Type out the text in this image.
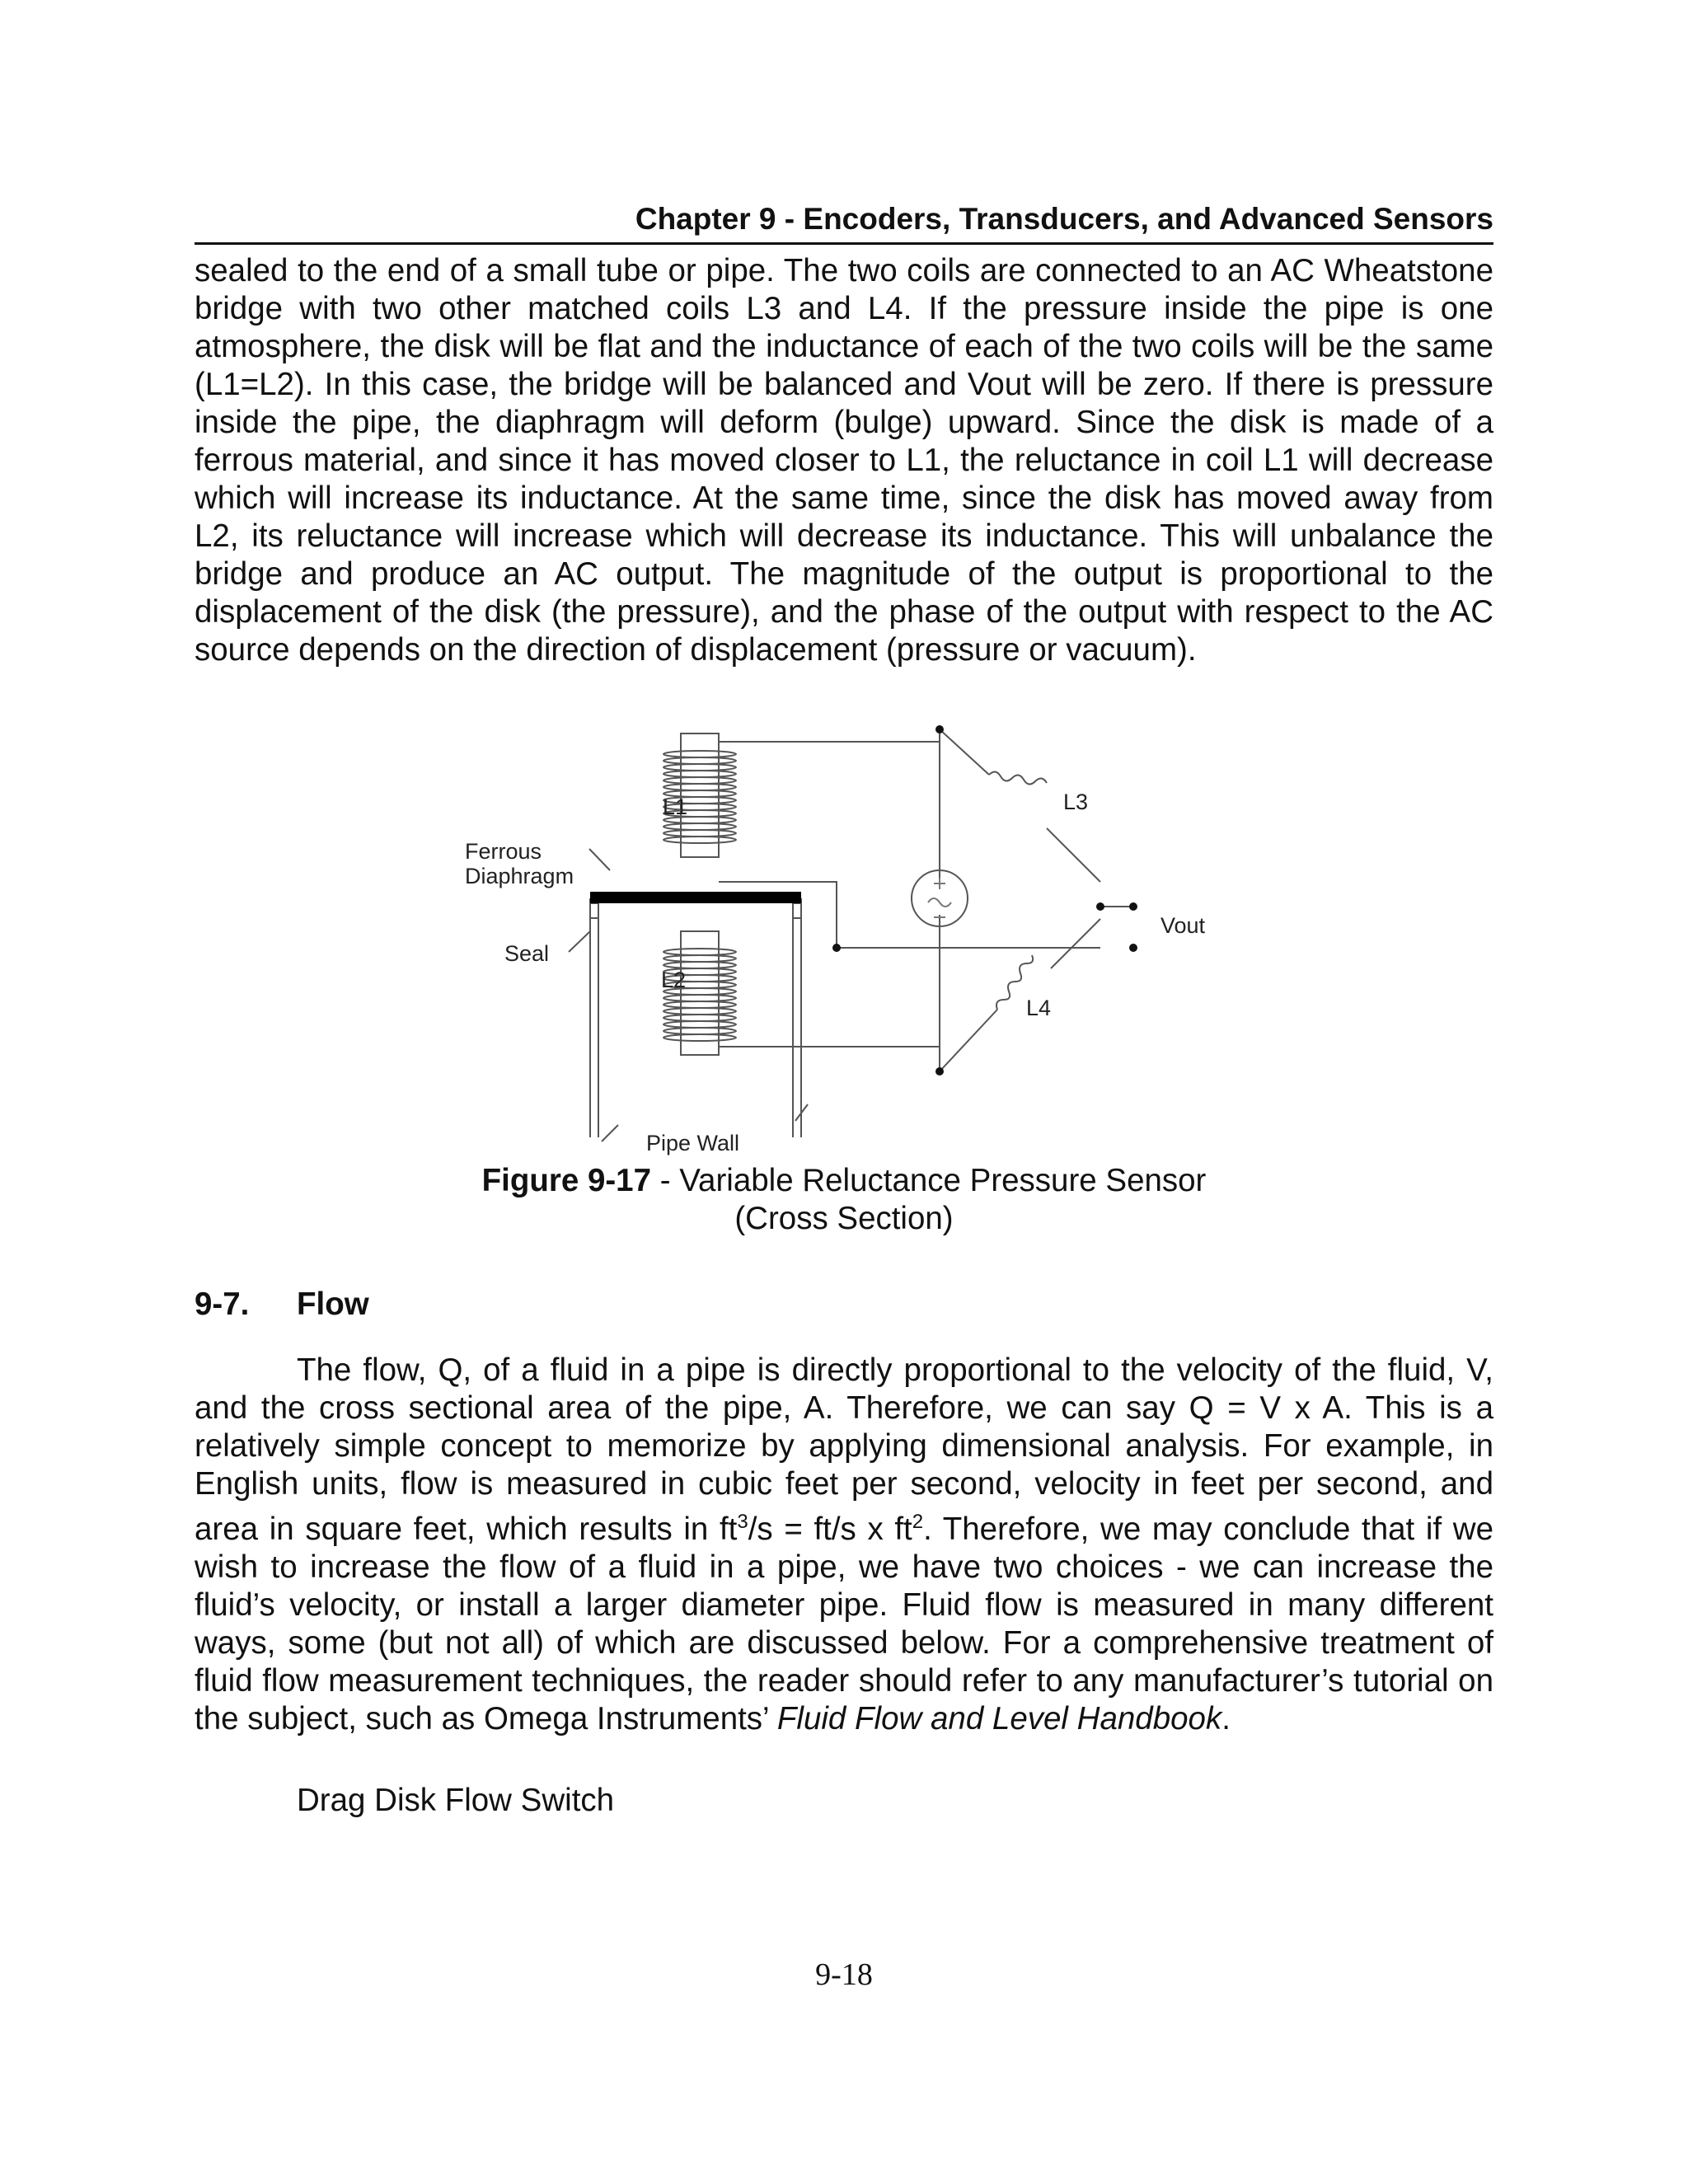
Chapter 9 - Encoders, Transducers, and Advanced Sensors

sealed to the end of a small tube or pipe. The two coils are connected to an AC Wheatstone bridge with two other matched coils L3 and L4. If the pressure inside the pipe is one atmosphere, the disk will be flat and the inductance of each of the two coils will be the same (L1=L2). In this case, the bridge will be balanced and Vout will be zero. If there is pressure inside the pipe, the diaphragm will deform (bulge) upward. Since the disk is made of a ferrous material, and since it has moved closer to L1, the reluctance in coil L1 will decrease which will increase its inductance. At the same time, since the disk has moved away from L2, its reluctance will increase which will decrease its inductance. This will unbalance the bridge and produce an AC output. The magnitude of the output is proportional to the displacement of the disk (the pressure), and the phase of the output with respect to the AC source depends on the direction of displacement (pressure or vacuum).

L1
L2
L3
L4
Ferrous
Diaphragm
Seal
Vout
Pipe Wall
Figure 9-17 - Variable Reluctance Pressure Sensor
(Cross Section)
9-7. Flow

The flow, Q, of a fluid in a pipe is directly proportional to the velocity of the fluid, V, and the cross sectional area of the pipe, A. Therefore, we can say Q = V x A. This is a relatively simple concept to memorize by applying dimensional analysis. For example, in English units, flow is measured in cubic feet per second, velocity in feet per second, and area in square feet, which results in $ft^3/s = ft/s$ x $ft^2$. Therefore, we may conclude that if we wish to increase the flow of a fluid in a pipe, we have two choices - we can increase the fluid’s velocity, or install a larger diameter pipe. Fluid flow is measured in many different ways, some (but not all) of which are discussed below. For a comprehensive treatment of fluid flow measurement techniques, the reader should refer to any manufacturer’s tutorial on the subject, such as Omega Instruments’ Fluid Flow and Level Handbook.

Drag Disk Flow Switch
9-18
